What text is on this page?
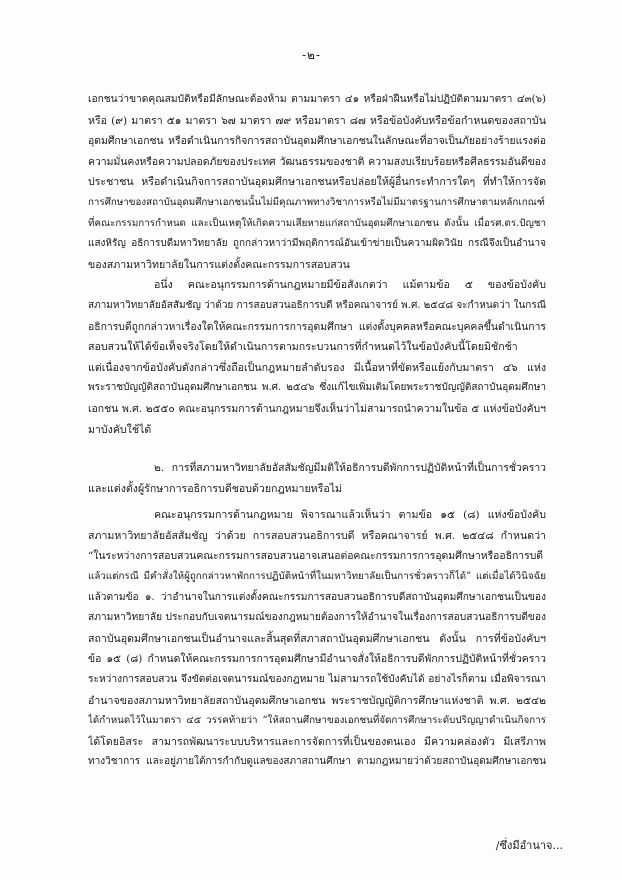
-๒-
เอกชนว่าขาดคุณสมบัติหรือมีลักษณะต้องห้าม ตามมาตรา ๔๑ หรือฝ่าฝืนหรือไม่ปฏิบัติตามมาตรา ๔๓(๖)
หรือ (๙) มาตรา ๕๑ มาตรา ๖๗ มาตรา ๗๙ หรือมาตรา ๘๗ หรือข้อบังคับหรือข้อกำหนดของสถาบัน
อุดมศึกษาเอกชน หรือดำเนินการกิจการสถาบันอุดมศึกษาเอกชนในลักษณะที่อาจเป็นภัยอย่างร้ายแรงต่อ
ความมั่นคงหรือความปลอดภัยของประเทศ วัฒนธรรมของชาติ ความสงบเรียบร้อยหรือศีลธรรมอันดีของ
ประชาชน หรือดำเนินกิจการสถาบันอุดมศึกษาเอกชนหรือปล่อยให้ผู้อื่นกระทำการใดๆ ที่ทำให้การจัด
การศึกษาของสถาบันอุดมศึกษาเอกชนนั้นไม่มีคุณภาพทางวิชาการหรือไม่มีมาตรฐานการศึกษาตามหลักเกณฑ์
ที่คณะกรรมการกำหนด และเป็นเหตุให้เกิดความเสียหายแก่สถาบันอุดมศึกษาเอกชน ดังนั้น เมื่อรศ.ดร.ปัญชา
แสงหิรัญ อธิการบดีมหาวิทยาลัย ถูกกล่าวหาว่ามีพฤติการณ์อันเข้าข่ายเป็นความผิดวินัย กรณีจึงเป็นอำนาจ
ของสภามหาวิทยาลัยในการแต่งตั้งคณะกรรมการสอบสวน
อนึ่ง คณะอนุกรรมการด้านกฎหมายมีข้อสังเกตว่า แม้ตามข้อ ๕ ของข้อบังคับ
สภามหาวิทยาลัยอัสสัมชัญ ว่าด้วย การสอบสวนอธิการบดี หรือคณาจารย์ พ.ศ. ๒๕๔๘ จะกำหนดว่า ในกรณี
อธิการบดีถูกกล่าวหาเรื่องใดให้คณะกรรมการการอุดมศึกษา แต่งตั้งบุคคลหรือคณะบุคคลขึ้นดำเนินการ
สอบสวนให้ได้ข้อเท็จจริงโดยให้ดำเนินการตามกระบวนการที่กำหนดไว้ในข้อบังคับนี้โดยมิชักช้า
แต่เนื่องจากข้อบังคับดังกล่าวซึ่งถือเป็นกฎหมายลำดับรอง มีเนื้อหาที่ขัดหรือแย้งกับมาตรา ๔๖ แห่ง
พระราชบัญญัติสถาบันอุดมศึกษาเอกชน พ.ศ. ๒๕๔๖ ซึ่งแก้ไขเพิ่มเติมโดยพระราชบัญญัติสถาบันอุดมศึกษา
เอกชน พ.ศ. ๒๕๕๐ คณะอนุกรรมการด้านกฎหมายจึงเห็นว่าไม่สามารถนำความในข้อ ๕ แห่งข้อบังคับฯ
มาบังคับใช้ได้
๒. การที่สภามหาวิทยาลัยอัสสัมชัญมีมติให้อธิการบดีพักการปฏิบัติหน้าที่เป็นการชั่วคราว
และแต่งตั้งผู้รักษาการอธิการบดีชอบด้วยกฎหมายหรือไม่
คณะอนุกรรมการด้านกฎหมาย พิจารณาแล้วเห็นว่า ตามข้อ ๑๕ (๘) แห่งข้อบังคับ
สภามหาวิทยาลัยอัสสัมชัญ ว่าด้วย การสอบสวนอธิการบดี หรือคณาจารย์ พ.ศ. ๒๕๔๘ กำหนดว่า
“ในระหว่างการสอบสวนคณะกรรมการสอบสวนอาจเสนอต่อคณะกรรมการการอุดมศึกษาหรืออธิการบดี
แล้วแต่กรณี มีคำสั่งให้ผู้ถูกกล่าวหาพักการปฏิบัติหน้าที่ในมหาวิทยาลัยเป็นการชั่วคราวก็ได้” แต่เมื่อได้วินิจฉัย
แล้วตามข้อ ๑. ว่าอำนาจในการแต่งตั้งคณะกรรมการสอบสวนอธิการบดีสถาบันอุดมศึกษาเอกชนเป็นของ
สภามหาวิทยาลัย ประกอบกับเจตนารมณ์ของกฎหมายต้องการให้อำนาจในเรื่องการสอบสวนอธิการบดีของ
สถาบันอุดมศึกษาเอกชนเป็นอำนาจและสิ้นสุดที่สภาสถาบันอุดมศึกษาเอกชน ดังนั้น การที่ข้อบังคับฯ
ข้อ ๑๕ (๘) กำหนดให้คณะกรรมการการอุดมศึกษามีอำนาจสั่งให้อธิการบดีพักการปฏิบัติหน้าที่ชั่วคราว
ระหว่างการสอบสวน จึงขัดต่อเจตนารมณ์ของกฎหมาย ไม่สามารถใช้บังคับได้ อย่างไรก็ตาม เมื่อพิจารณา
อำนาจของสภามหาวิทยาลัยสถาบันอุดมศึกษาเอกชน พระราชบัญญัติการศึกษาแห่งชาติ พ.ศ. ๒๕๔๒
ได้กำหนดไว้ในมาตรา ๔๕ วรรคท้ายว่า “ให้สถานศึกษาของเอกชนที่จัดการศึกษาระดับปริญญาดำเนินกิจการ
ได้โดยอิสระ สามารถพัฒนาระบบบริหารและการจัดการที่เป็นของตนเอง มีความคล่องตัว มีเสรีภาพ
ทางวิชาการ และอยู่ภายใต้การกำกับดูแลของสภาสถานศึกษา ตามกฎหมายว่าด้วยสถาบันอุดมศึกษาเอกชน
/ซึ่งมีอำนาจ...
